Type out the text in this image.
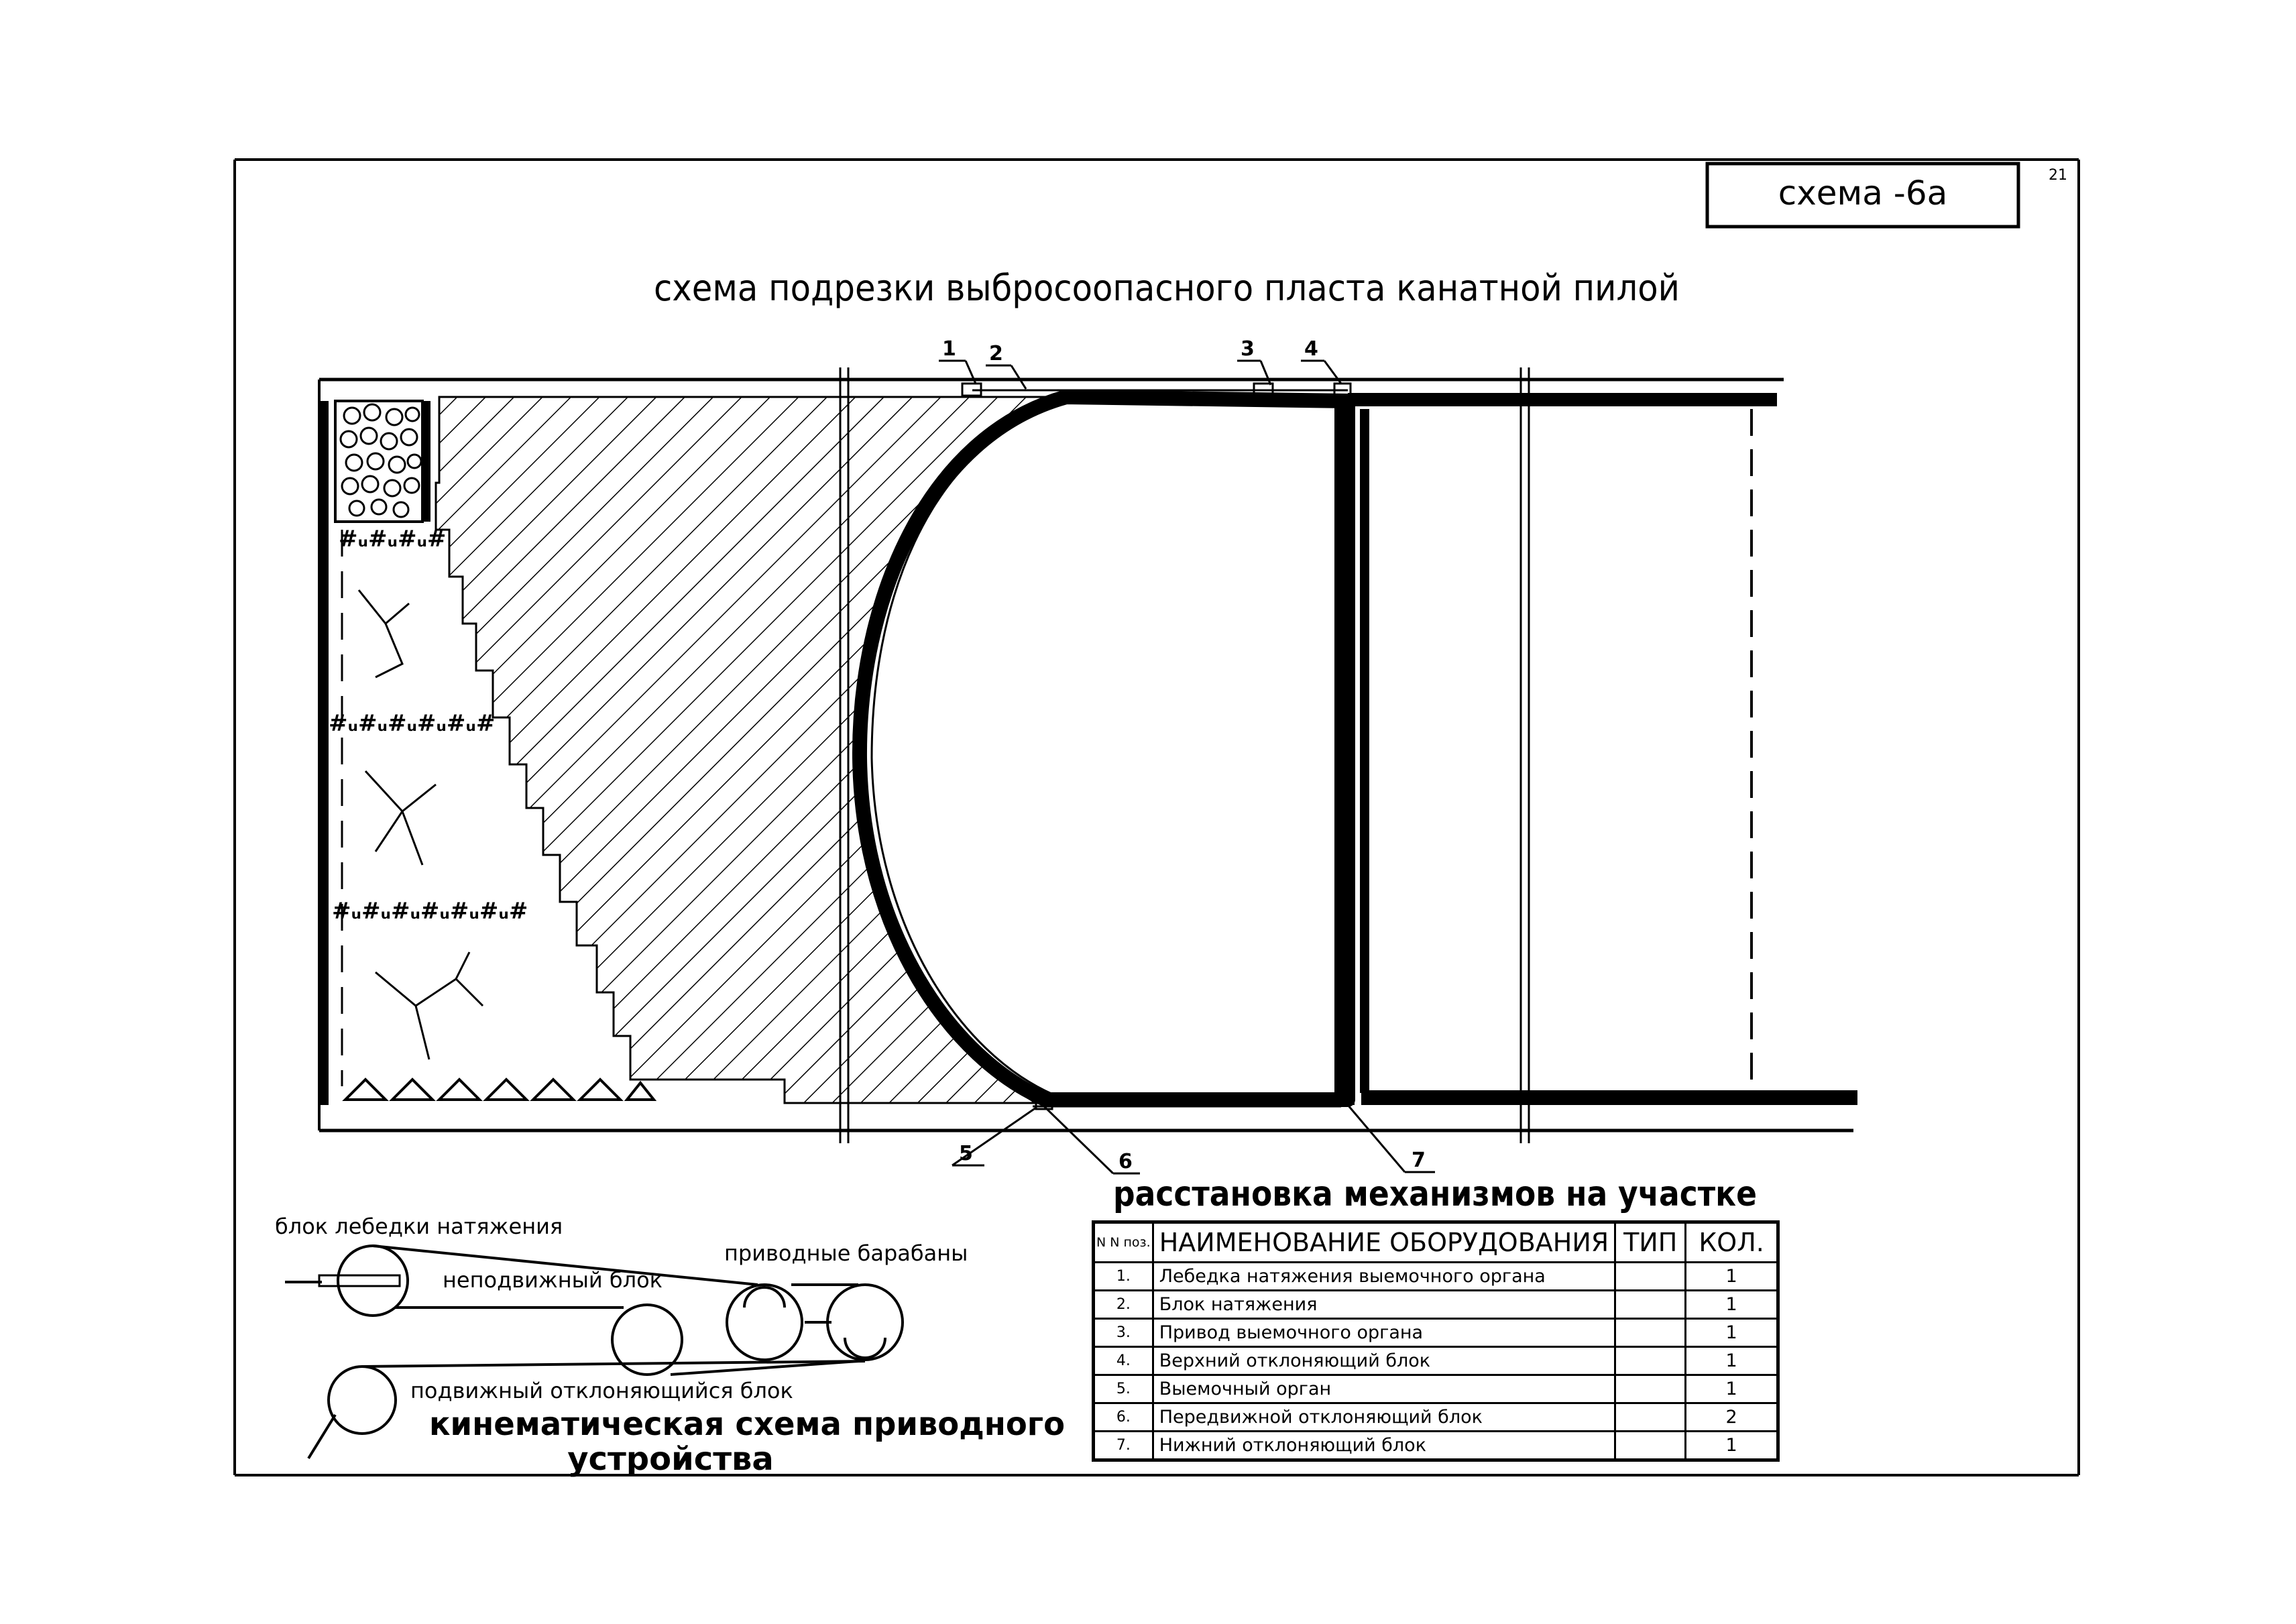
21
схема -6а
схема подрезки выбросоопасного пласта канатной пилой
#ᵤ#ᵤ#ᵤ#
#ᵤ#ᵤ#ᵤ#ᵤ#ᵤ#
#ᵤ#ᵤ#ᵤ#ᵤ#ᵤ#ᵤ#
1 2	3 4
5	6	7
расстановка механизмов на участке
блок лебедки натяжения
неподвижный блок
приводные барабаны
подвижный отклоняющийся блок
кинематическая схема приводного
устройства
N N поз.	НАИМЕНОВАНИЕ ОБОРУДОВАНИЯ	ТИП	КОЛ.
1.	Лебедка натяжения выемочного органа		1
2.	Блок натяжения		1
3.	Привод выемочного органа		1
4.	Верхний отклоняющий блок		1
5.	Выемочный орган		1
6.	Передвижной отклоняющий блок		2
7.	Нижний отклоняющий блок		1
